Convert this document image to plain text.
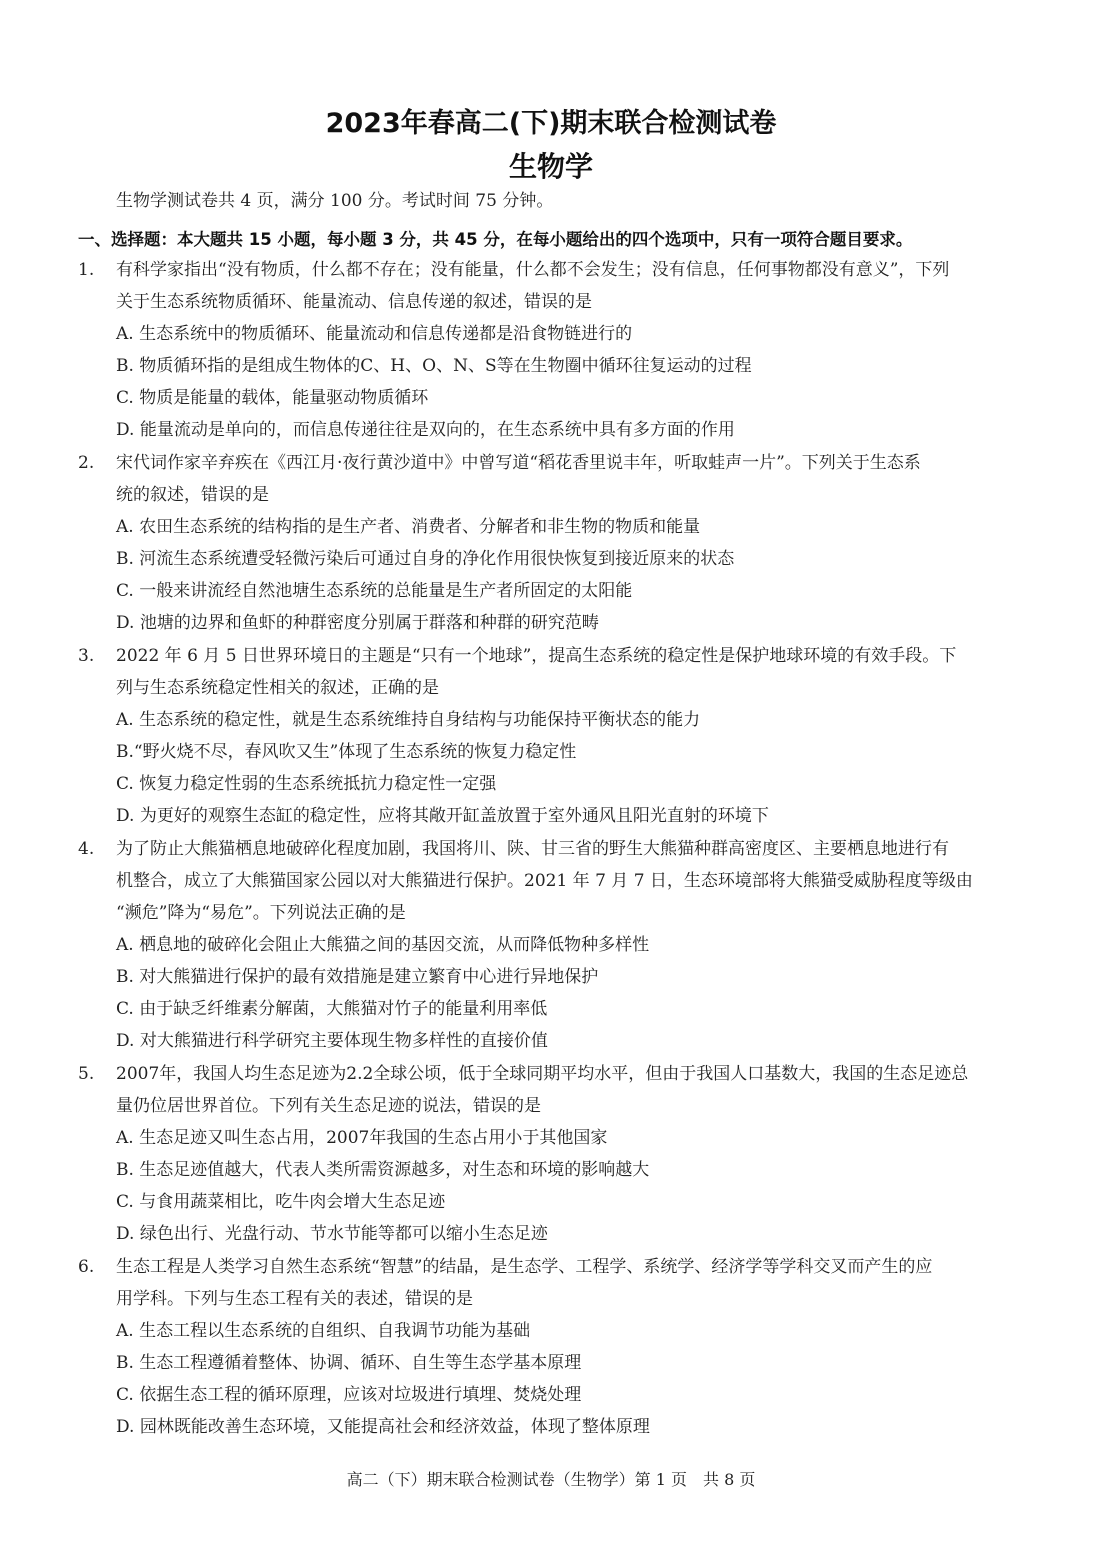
2023年春高二(下)期末联合检测试卷
生物学
生物学测试卷共 4 页，满分 100 分。考试时间 75 分钟。
一、选择题：本大题共 15 小题，每小题 3 分，共 45 分，在每小题给出的四个选项中，只有一项符合题目要求。
1. 有科学家指出“没有物质，什么都不存在；没有能量，什么都不会发生；没有信息，任何事物都没有意义”，下列
关于生态系统物质循环、能量流动、信息传递的叙述，错误的是
A. 生态系统中的物质循环、能量流动和信息传递都是沿食物链进行的
B. 物质循环指的是组成生物体的C、H、O、N、S等在生物圈中循环往复运动的过程
C. 物质是能量的载体，能量驱动物质循环
D. 能量流动是单向的，而信息传递往往是双向的，在生态系统中具有多方面的作用
2. 宋代词作家辛弃疾在《西江月·夜行黄沙道中》中曾写道“稻花香里说丰年，听取蛙声一片”。下列关于生态系
统的叙述，错误的是
A. 农田生态系统的结构指的是生产者、消费者、分解者和非生物的物质和能量
B. 河流生态系统遭受轻微污染后可通过自身的净化作用很快恢复到接近原来的状态
C. 一般来讲流经自然池塘生态系统的总能量是生产者所固定的太阳能
D. 池塘的边界和鱼虾的种群密度分别属于群落和种群的研究范畴
3. 2022 年 6 月 5 日世界环境日的主题是“只有一个地球”，提高生态系统的稳定性是保护地球环境的有效手段。下
列与生态系统稳定性相关的叙述，正确的是
A. 生态系统的稳定性，就是生态系统维持自身结构与功能保持平衡状态的能力
B.“野火烧不尽，春风吹又生”体现了生态系统的恢复力稳定性
C. 恢复力稳定性弱的生态系统抵抗力稳定性一定强
D. 为更好的观察生态缸的稳定性，应将其敞开缸盖放置于室外通风且阳光直射的环境下
4. 为了防止大熊猫栖息地破碎化程度加剧，我国将川、陕、甘三省的野生大熊猫种群高密度区、主要栖息地进行有
机整合，成立了大熊猫国家公园以对大熊猫进行保护。2021 年 7 月 7 日，生态环境部将大熊猫受威胁程度等级由
“濒危”降为“易危”。下列说法正确的是
A. 栖息地的破碎化会阻止大熊猫之间的基因交流，从而降低物种多样性
B. 对大熊猫进行保护的最有效措施是建立繁育中心进行异地保护
C. 由于缺乏纤维素分解菌，大熊猫对竹子的能量利用率低
D. 对大熊猫进行科学研究主要体现生物多样性的直接价值
5. 2007年，我国人均生态足迹为2.2全球公顷，低于全球同期平均水平，但由于我国人口基数大，我国的生态足迹总
量仍位居世界首位。下列有关生态足迹的说法，错误的是
A. 生态足迹又叫生态占用，2007年我国的生态占用小于其他国家
B. 生态足迹值越大，代表人类所需资源越多，对生态和环境的影响越大
C. 与食用蔬菜相比，吃牛肉会增大生态足迹
D. 绿色出行、光盘行动、节水节能等都可以缩小生态足迹
6. 生态工程是人类学习自然生态系统“智慧”的结晶，是生态学、工程学、系统学、经济学等学科交叉而产生的应
用学科。下列与生态工程有关的表述，错误的是
A. 生态工程以生态系统的自组织、自我调节功能为基础
B. 生态工程遵循着整体、协调、循环、自生等生态学基本原理
C. 依据生态工程的循环原理，应该对垃圾进行填埋、焚烧处理
D. 园林既能改善生态环境，又能提高社会和经济效益，体现了整体原理
高二（下）期末联合检测试卷（生物学）第 1 页　共 8 页
